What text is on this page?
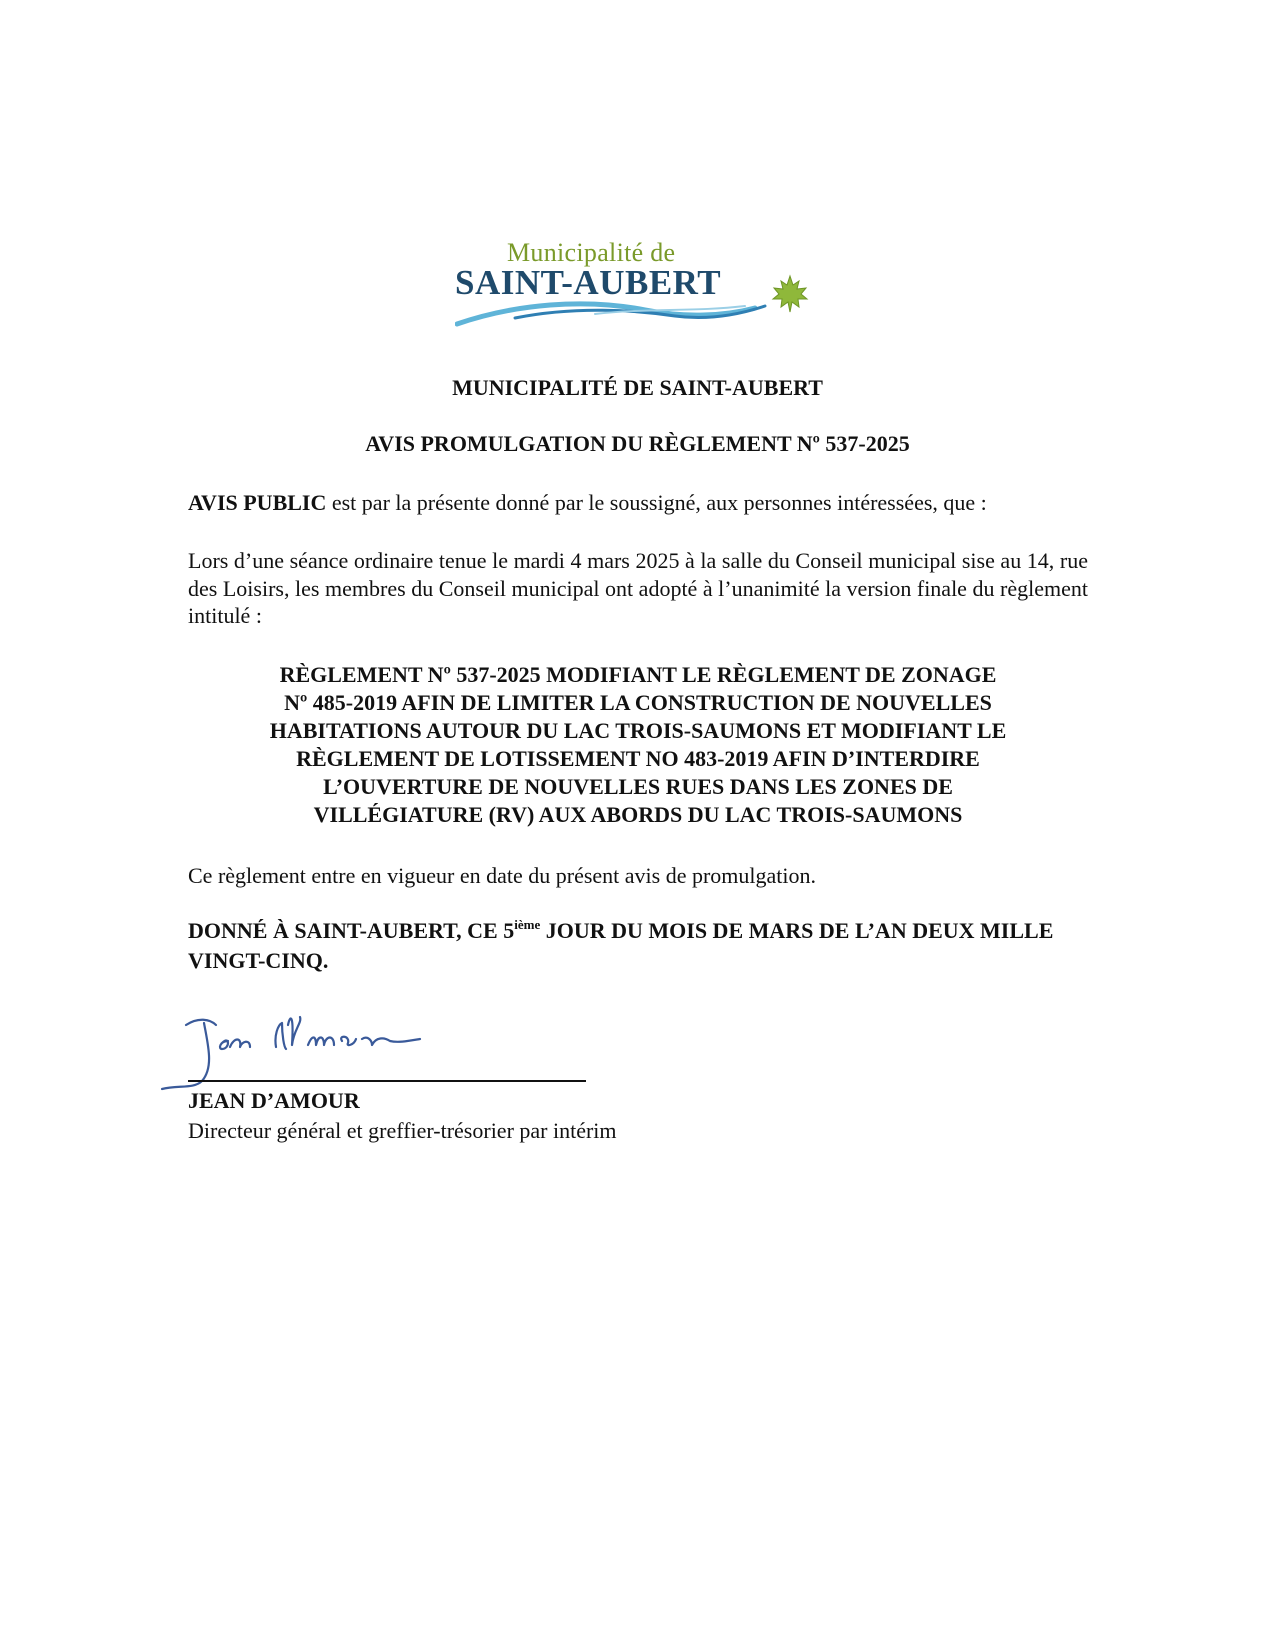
Municipalité de
SAINT-AUBERT
MUNICIPALITÉ DE SAINT-AUBERT
AVIS PROMULGATION DU RÈGLEMENT Nº 537-2025
AVIS PUBLIC est par la présente donné par le soussigné, aux personnes intéressées, que :
Lors d’une séance ordinaire tenue le mardi 4 mars 2025 à la salle du Conseil municipal sise au 14, rue des Loisirs, les membres du Conseil municipal ont adopté à l’unanimité la version finale du règlement intitulé :
RÈGLEMENT Nº 537-2025 MODIFIANT LE RÈGLEMENT DE ZONAGE
Nº 485-2019 AFIN DE LIMITER LA CONSTRUCTION DE NOUVELLES
HABITATIONS AUTOUR DU LAC TROIS-SAUMONS ET MODIFIANT LE
RÈGLEMENT DE LOTISSEMENT NO 483-2019 AFIN D’INTERDIRE
L’OUVERTURE DE NOUVELLES RUES DANS LES ZONES DE
VILLÉGIATURE (RV) AUX ABORDS DU LAC TROIS-SAUMONS
Ce règlement entre en vigueur en date du présent avis de promulgation.
DONNÉ À SAINT-AUBERT, CE 5ième JOUR DU MOIS DE MARS DE L’AN DEUX MILLE VINGT-CINQ.
JEAN D’AMOUR
Directeur général et greffier-trésorier par intérim
